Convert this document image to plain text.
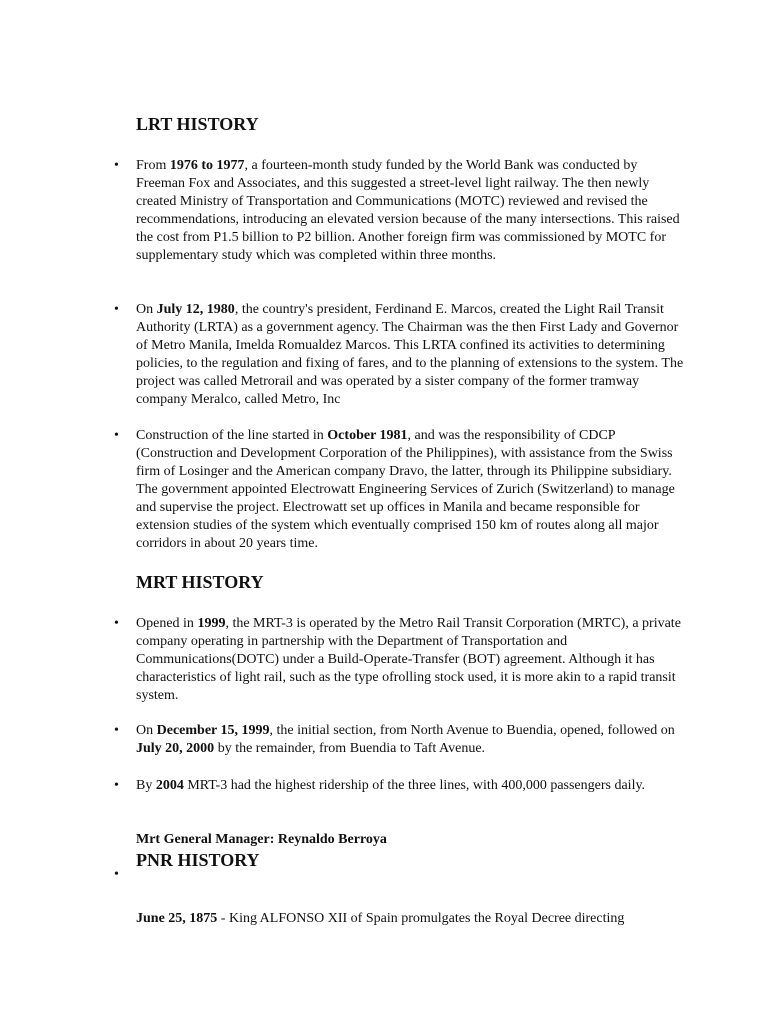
LRT HISTORY
•	From 1976 to 1977, a fourteen-month study funded by the World Bank was conducted by Freeman Fox and Associates, and this suggested a street-level light railway. The then newly created Ministry of Transportation and Communications (MOTC) reviewed and revised the recommendations, introducing an elevated version because of the many intersections. This raised the cost from P1.5 billion to P2 billion. Another foreign firm was commissioned by MOTC for supplementary study which was completed within three months.

•	On July 12, 1980, the country's president, Ferdinand E. Marcos, created the Light Rail Transit Authority (LRTA) as a government agency. The Chairman was the then First Lady and Governor of Metro Manila, Imelda Romualdez Marcos. This LRTA confined its activities to determining policies, to the regulation and fixing of fares, and to the planning of extensions to the system. The project was called Metrorail and was operated by a sister company of the former tramway company Meralco, called Metro, Inc

•	Construction of the line started in October 1981, and was the responsibility of CDCP (Construction and Development Corporation of the Philippines), with assistance from the Swiss firm of Losinger and the American company Dravo, the latter, through its Philippine subsidiary. The government appointed Electrowatt Engineering Services of Zurich (Switzerland) to manage and supervise the project. Electrowatt set up offices in Manila and became responsible for extension studies of the system which eventually comprised 150 km of routes along all major corridors in about 20 years time.

MRT HISTORY
•	Opened in 1999, the MRT-3 is operated by the Metro Rail Transit Corporation (MRTC), a private company operating in partnership with the Department of Transportation and Communications(DOTC) under a Build-Operate-Transfer (BOT) agreement. Although it has characteristics of light rail, such as the type ofrolling stock used, it is more akin to a rapid transit system.

•	On December 15, 1999, the initial section, from North Avenue to Buendia, opened, followed on July 20, 2000 by the remainder, from Buendia to Taft Avenue.

•	By 2004 MRT-3 had the highest ridership of the three lines, with 400,000 passengers daily.

Mrt General Manager: Reynaldo Berroya
PNR HISTORY
•

June 25, 1875 - King ALFONSO XII of Spain promulgates the Royal Decree directing
